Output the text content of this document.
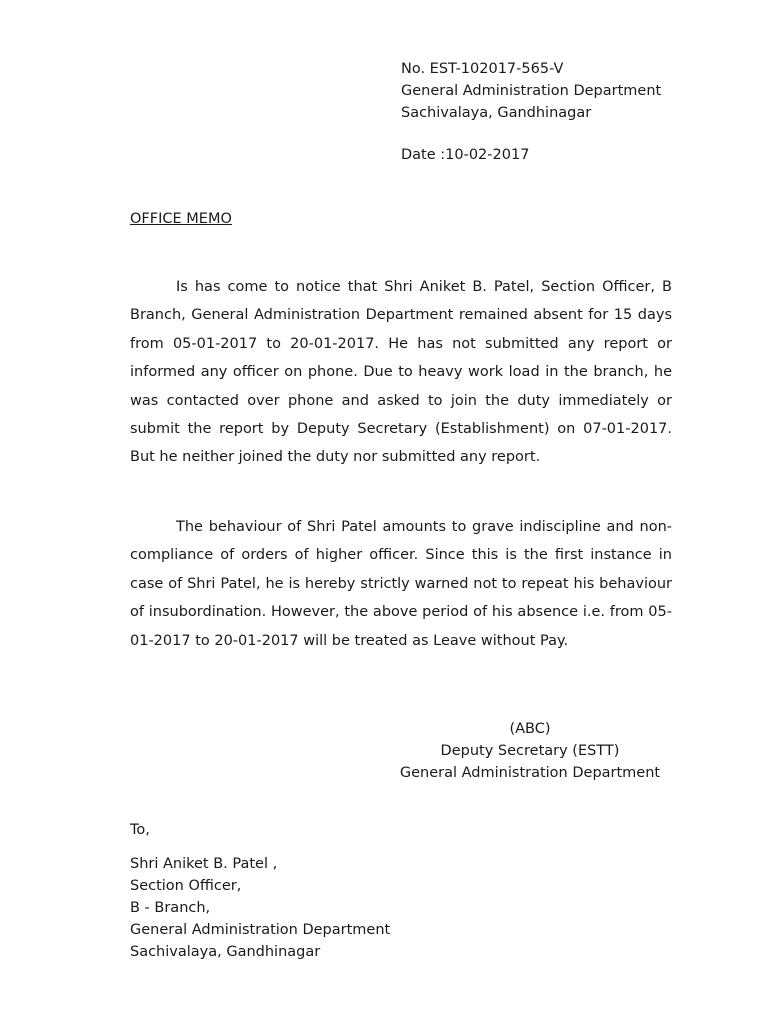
No. EST-102017-565-V
General Administration Department
Sachivalaya, Gandhinagar
Date :10-02-2017
OFFICE MEMO

Is has come to notice that Shri Aniket B. Patel, Section Officer, B Branch, General Administration Department remained absent for 15 days from 05-01-2017 to 20-01-2017. He has not submitted any report or informed any officer on phone. Due to heavy work load in the branch, he was contacted over phone and asked to join the duty immediately or submit the report by Deputy Secretary (Establishment) on 07-01-2017. But he neither joined the duty nor submitted any report.

The behaviour of Shri Patel amounts to grave indiscipline and non-compliance of orders of higher officer. Since this is the first instance in case of Shri Patel, he is hereby strictly warned not to repeat his behaviour of insubordination. However, the above period of his absence i.e. from 05-01-2017 to 20-01-2017 will be treated as Leave without Pay.

(ABC)
Deputy Secretary (ESTT)
General Administration Department
To,
Shri Aniket B. Patel ,
Section Officer,
B - Branch,
General Administration Department
Sachivalaya, Gandhinagar
